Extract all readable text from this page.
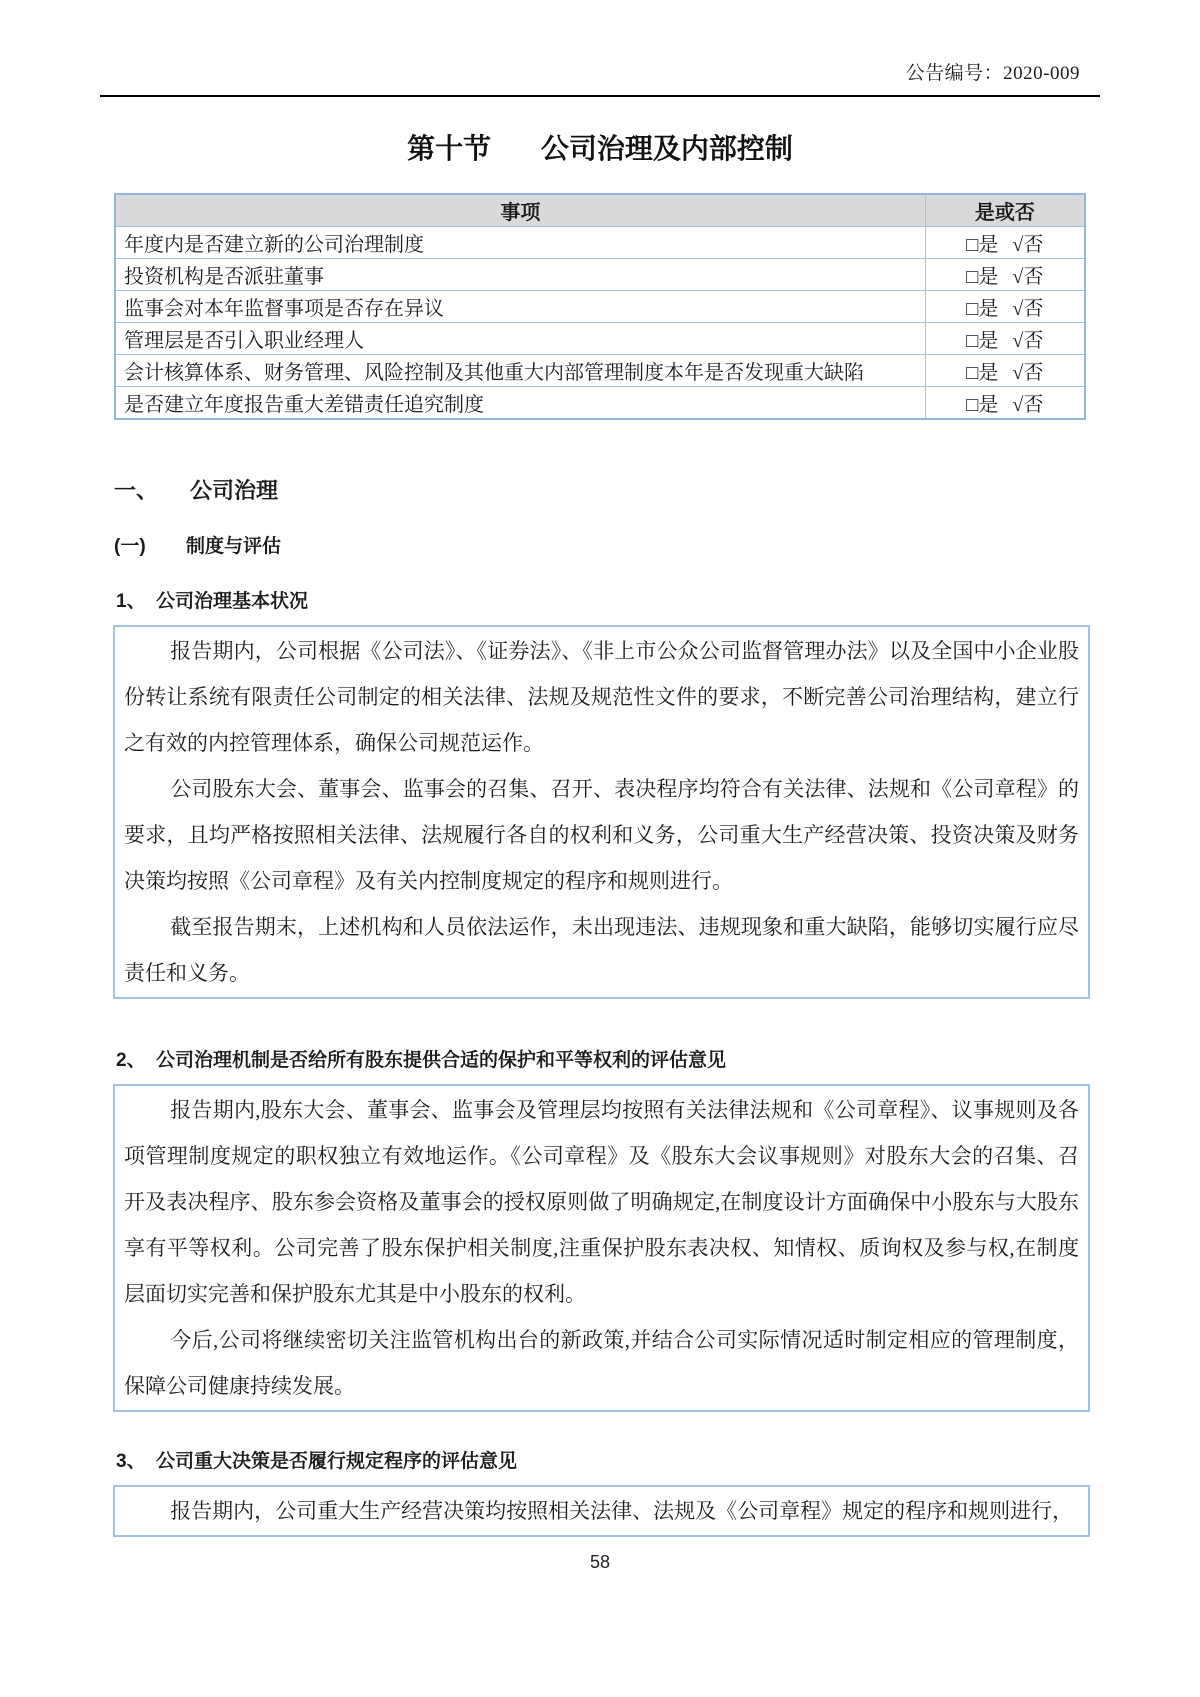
公告编号：2020-009
第十节 公司治理及内部控制
事项	是或否
年度内是否建立新的公司治理制度	□是 √否
投资机构是否派驻董事	□是 √否
监事会对本年监督事项是否存在异议	□是 √否
管理层是否引入职业经理人	□是 √否
会计核算体系、财务管理、风险控制及其他重大内部管理制度本年是否发现重大缺陷	□是 √否
是否建立年度报告重大差错责任追究制度	□是 √否
一、 公司治理
(一) 制度与评估
1、 公司治理基本状况

报告期内，公司根据《公司法》、《证券法》、《非上市公众公司监督管理办法》以及全国中小企业股份转让系统有限责任公司制定的相关法律、法规及规范性文件的要求，不断完善公司治理结构，建立行之有效的内控管理体系，确保公司规范运作。

公司股东大会、董事会、监事会的召集、召开、表决程序均符合有关法律、法规和《公司章程》的要求，且均严格按照相关法律、法规履行各自的权利和义务，公司重大生产经营决策、投资决策及财务决策均按照《公司章程》及有关内控制度规定的程序和规则进行。

截至报告期末，上述机构和人员依法运作，未出现违法、违规现象和重大缺陷，能够切实履行应尽责任和义务。

2、 公司治理机制是否给所有股东提供合适的保护和平等权利的评估意见

报告期内,股东大会、董事会、监事会及管理层均按照有关法律法规和《公司章程》、议事规则及各项管理制度规定的职权独立有效地运作。《公司章程》及《股东大会议事规则》对股东大会的召集、召开及表决程序、股东参会资格及董事会的授权原则做了明确规定,在制度设计方面确保中小股东与大股东享有平等权利。公司完善了股东保护相关制度,注重保护股东表决权、知情权、质询权及参与权,在制度层面切实完善和保护股东尤其是中小股东的权利。

今后,公司将继续密切关注监管机构出台的新政策,并结合公司实际情况适时制定相应的管理制度，保障公司健康持续发展。

3、 公司重大决策是否履行规定程序的评估意见

报告期内，公司重大生产经营决策均按照相关法律、法规及《公司章程》规定的程序和规则进行，

58
